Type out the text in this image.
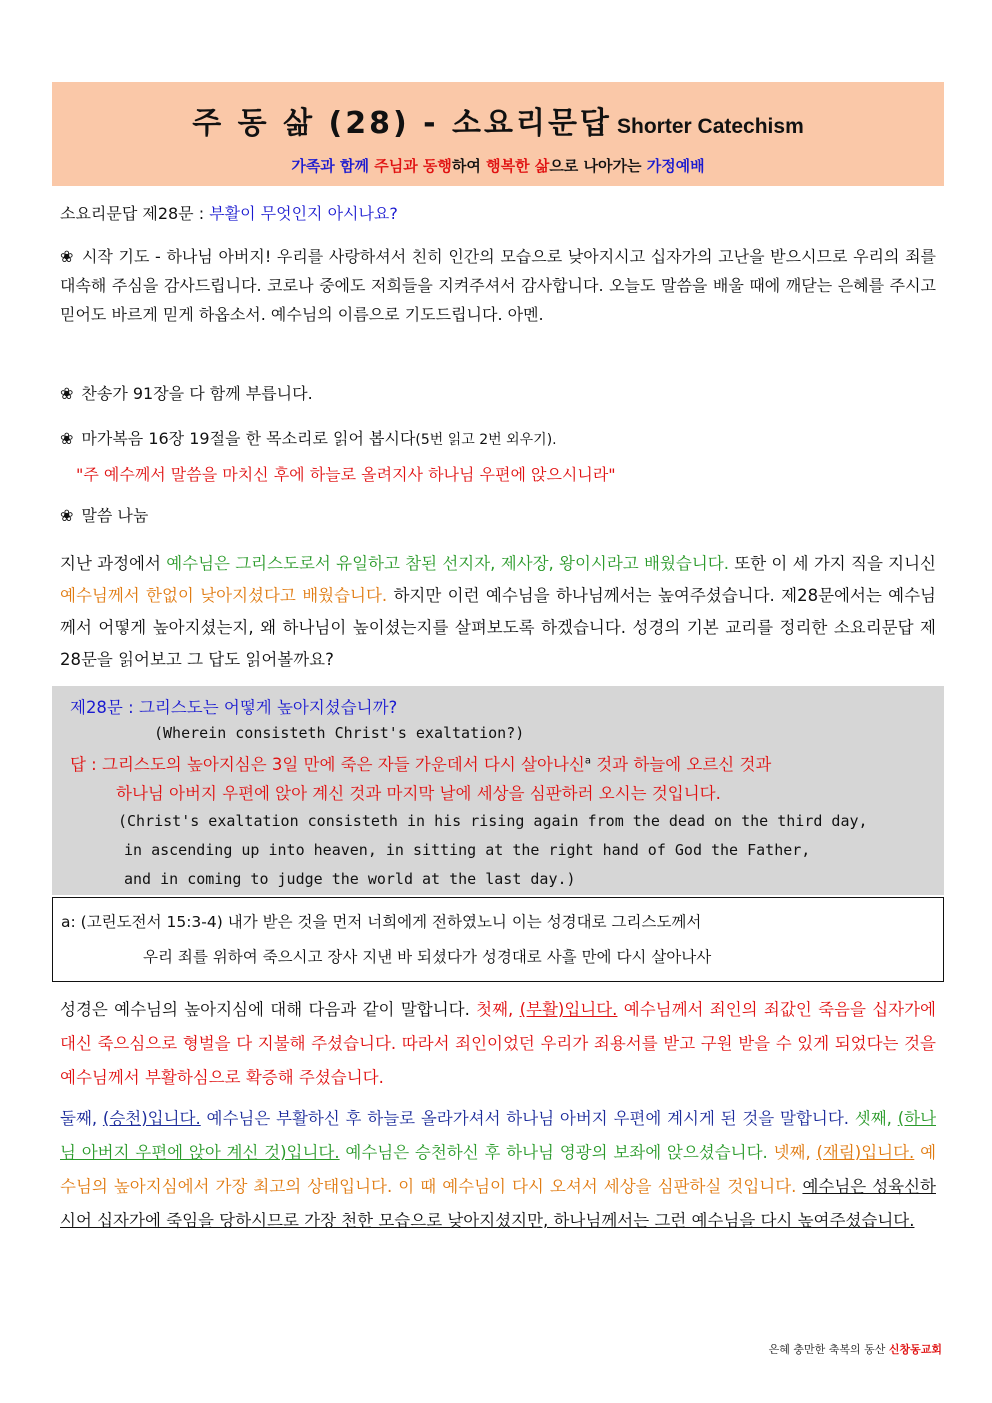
주 동 삶 (28) - 소요리문답 Shorter Catechism
가족과 함께 주님과 동행하여 행복한 삶으로 나아가는 가정예배
소요리문답 제28문 : 부활이 무엇인지 아시나요?
❀ 시작 기도 - 하나님 아버지! 우리를 사랑하셔서 친히 인간의 모습으로 낮아지시고 십자가의 고난을 받으시므로 우리의 죄를 대속해 주심을 감사드립니다. 코로나 중에도 저희들을 지켜주셔서 감사합니다. 오늘도 말씀을 배울 때에 깨닫는 은혜를 주시고 믿어도 바르게 믿게 하옵소서. 예수님의 이름으로 기도드립니다. 아멘.
❀ 찬송가 91장을 다 함께 부릅니다.
❀ 마가복음 16장 19절을 한 목소리로 읽어 봅시다(5번 읽고 2번 외우기).
"주 예수께서 말씀을 마치신 후에 하늘로 올려지사 하나님 우편에 앉으시니라"
❀ 말씀 나눔
지난 과정에서 예수님은 그리스도로서 유일하고 참된 선지자, 제사장, 왕이시라고 배웠습니다. 또한 이 세 가지 직을 지니신 예수님께서 한없이 낮아지셨다고 배웠습니다. 하지만 이런 예수님을 하나님께서는 높여주셨습니다. 제28문에서는 예수님께서 어떻게 높아지셨는지, 왜 하나님이 높이셨는지를 살펴보도록 하겠습니다. 성경의 기본 교리를 정리한 소요리문답 제28문을 읽어보고 그 답도 읽어볼까요?
제28문 : 그리스도는 어떻게 높아지셨습니까?
(Wherein consisteth Christ's exaltation?)
답 : 그리스도의 높아지심은 3일 만에 죽은 자들 가운데서 다시 살아나신$^a$ 것과 하늘에 오르신 것과
하나님 아버지 우편에 앉아 계신 것과 마지막 날에 세상을 심판하러 오시는 것입니다.
(Christ's exaltation consisteth in his rising again from the dead on the third day,
in ascending up into heaven, in sitting at the right hand of God the Father,
and in coming to judge the world at the last day.)
a: (고린도전서 15:3-4) 내가 받은 것을 먼저 너희에게 전하였노니 이는 성경대로 그리스도께서
우리 죄를 위하여 죽으시고 장사 지낸 바 되셨다가 성경대로 사흘 만에 다시 살아나사
성경은 예수님의 높아지심에 대해 다음과 같이 말합니다. 첫째, (부활)입니다. 예수님께서 죄인의 죄값인 죽음을 십자가에 대신 죽으심으로 형벌을 다 지불해 주셨습니다. 따라서 죄인이었던 우리가 죄용서를 받고 구원 받을 수 있게 되었다는 것을 예수님께서 부활하심으로 확증해 주셨습니다.
둘째, (승천)입니다. 예수님은 부활하신 후 하늘로 올라가셔서 하나님 아버지 우편에 계시게 된 것을 말합니다. 셋째, (하나님 아버지 우편에 앉아 계신 것)입니다. 예수님은 승천하신 후 하나님 영광의 보좌에 앉으셨습니다. 넷째, (재림)입니다. 예수님의 높아지심에서 가장 최고의 상태입니다. 이 때 예수님이 다시 오셔서 세상을 심판하실 것입니다. 예수님은 성육신하시어 십자가에 죽임을 당하시므로 가장 천한 모습으로 낮아지셨지만, 하나님께서는 그런 예수님을 다시 높여주셨습니다.
은혜 충만한 축복의 동산 신창동교회
